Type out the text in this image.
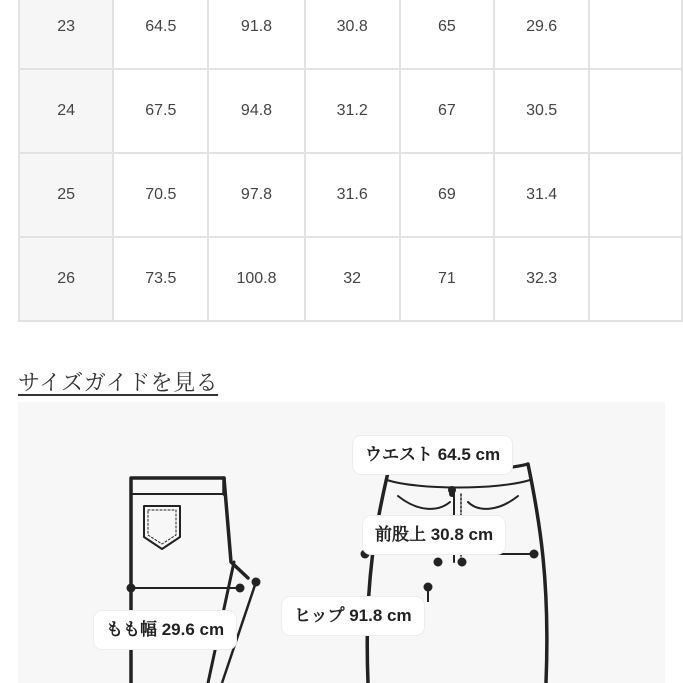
23	64.5	91.8	30.8	65	29.6	
24	67.5	94.8	31.2	67	30.5	
25	70.5	97.8	31.6	69	31.4	
26	73.5	100.8	32	71	32.3	
サイズガイドを見る
ウエスト 64.5 cm
前股上 30.8 cm
ヒップ 91.8 cm
もも幅 29.6 cm
